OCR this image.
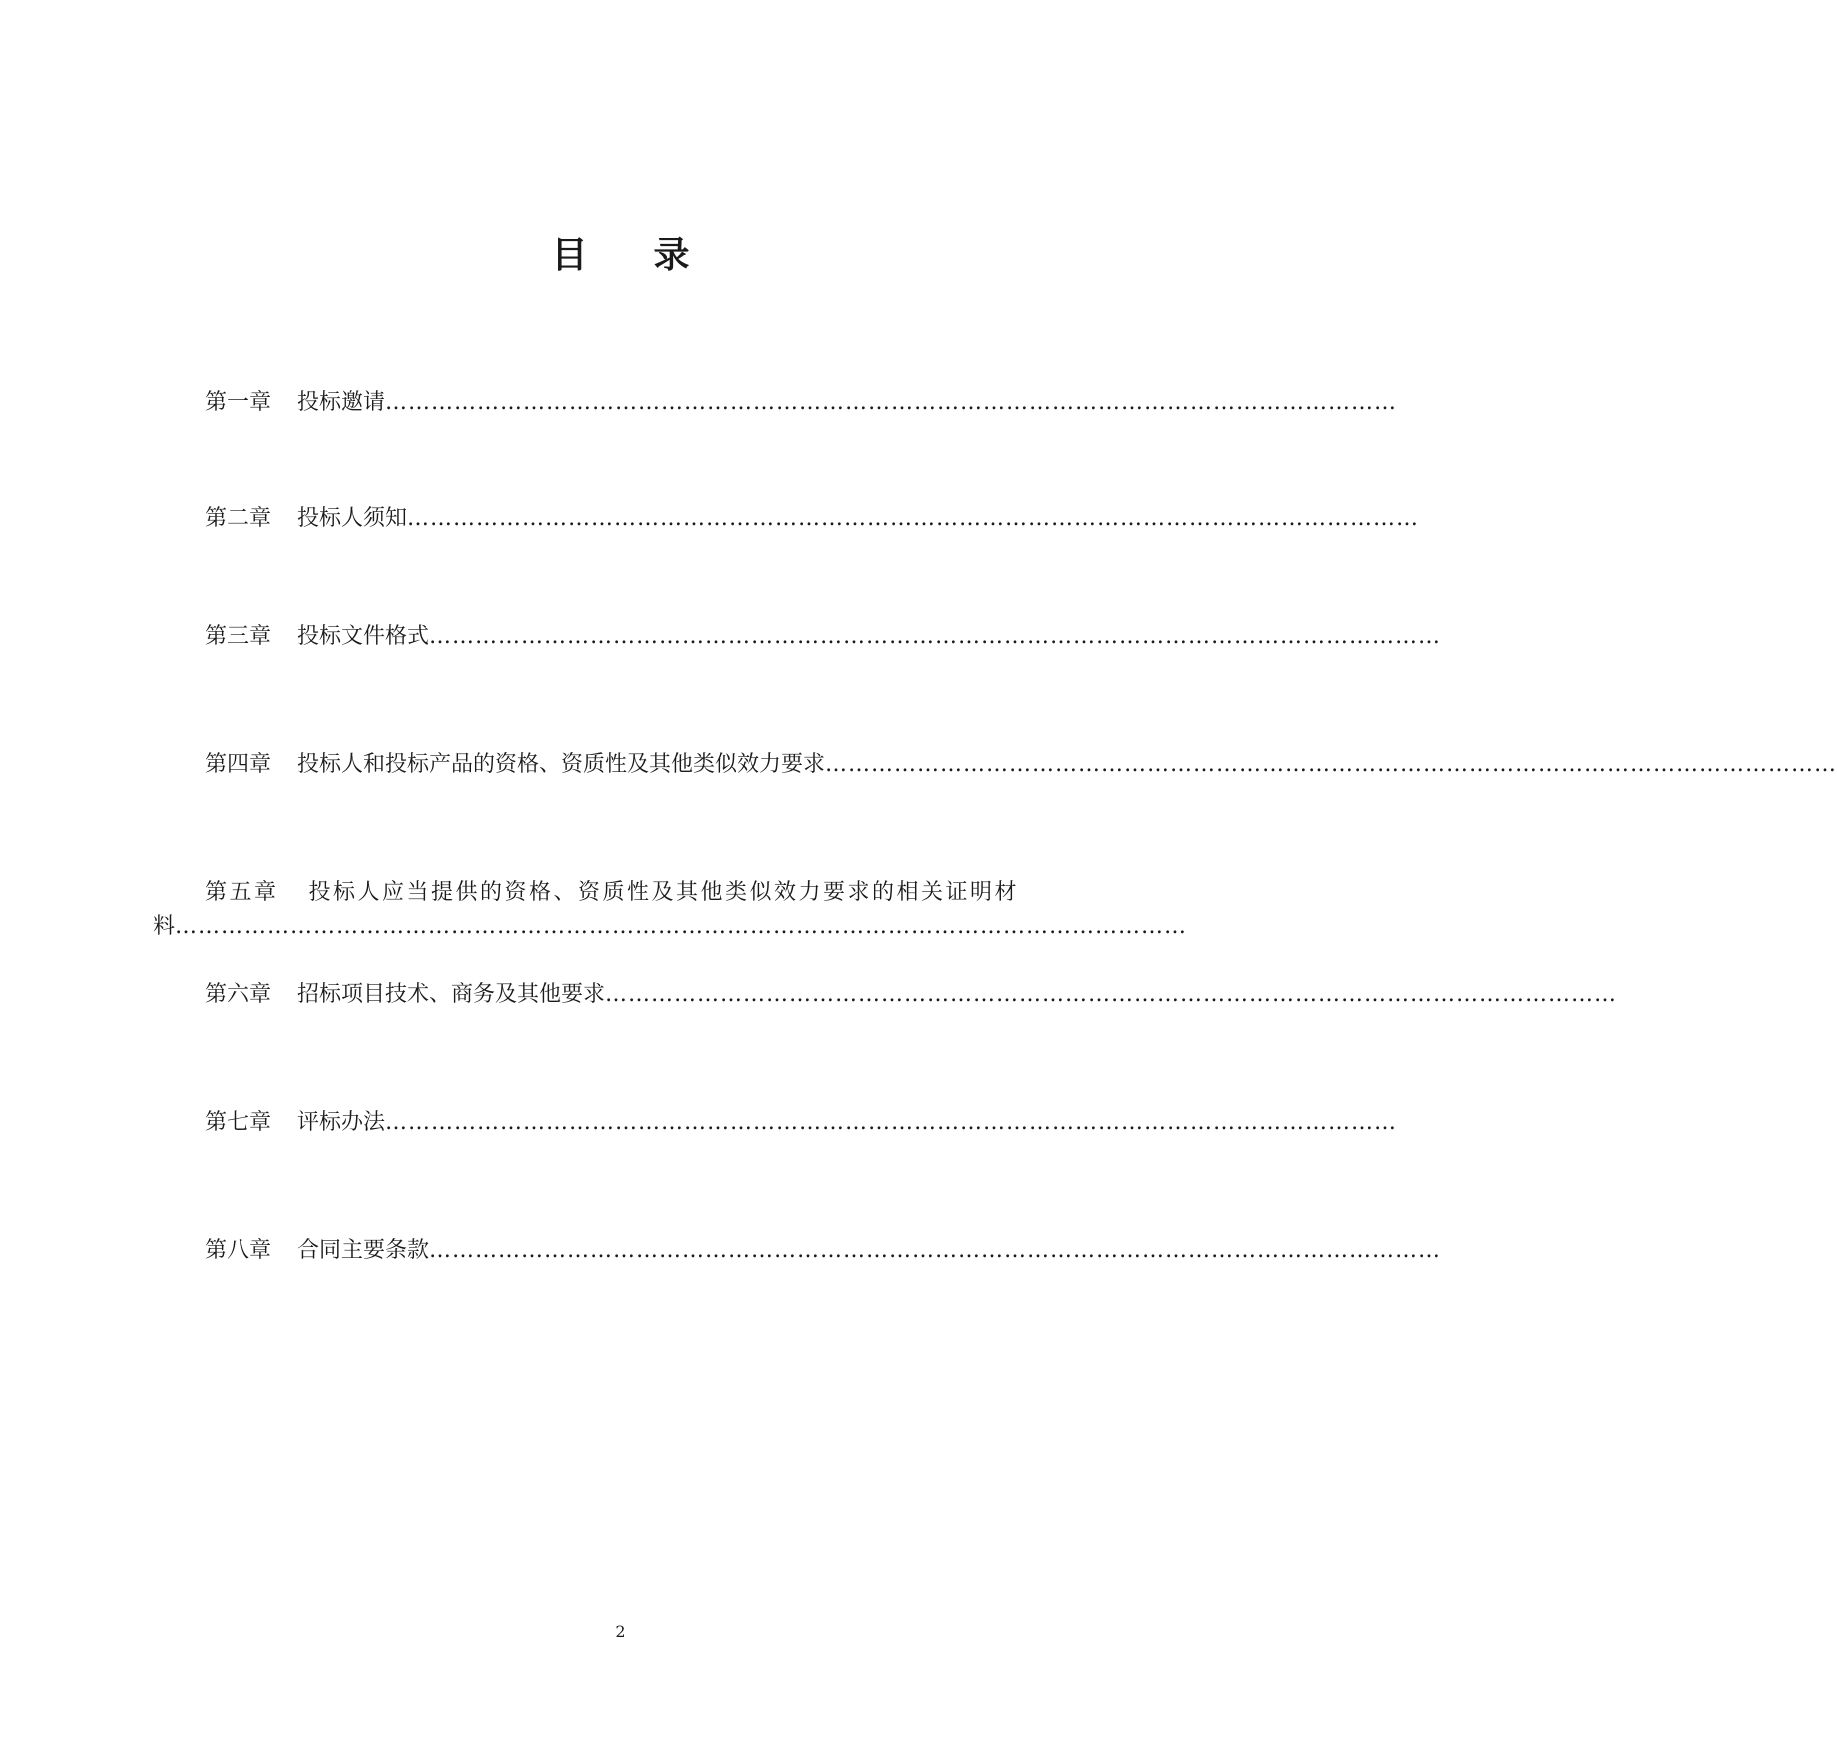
目录
第一章 投标邀请 ……………………………………………………………………………………………………………………
第二章 投标人须知 ……………………………………………………………………………………………………………………
第三章 投标文件格式 ……………………………………………………………………………………………………………………
第四章 投标人和投标产品的资格、资质性及其他类似效力要求 ……………………………………………………………………………………………………………………
第五章 投标人应当提供的资格、资质性及其他类似效力要求的相关证明材
料 ……………………………………………………………………………………………………………………
第六章 招标项目技术、商务及其他要求 ……………………………………………………………………………………………………………………
第七章 评标办法 ……………………………………………………………………………………………………………………
第八章 合同主要条款 ……………………………………………………………………………………………………………………
2
